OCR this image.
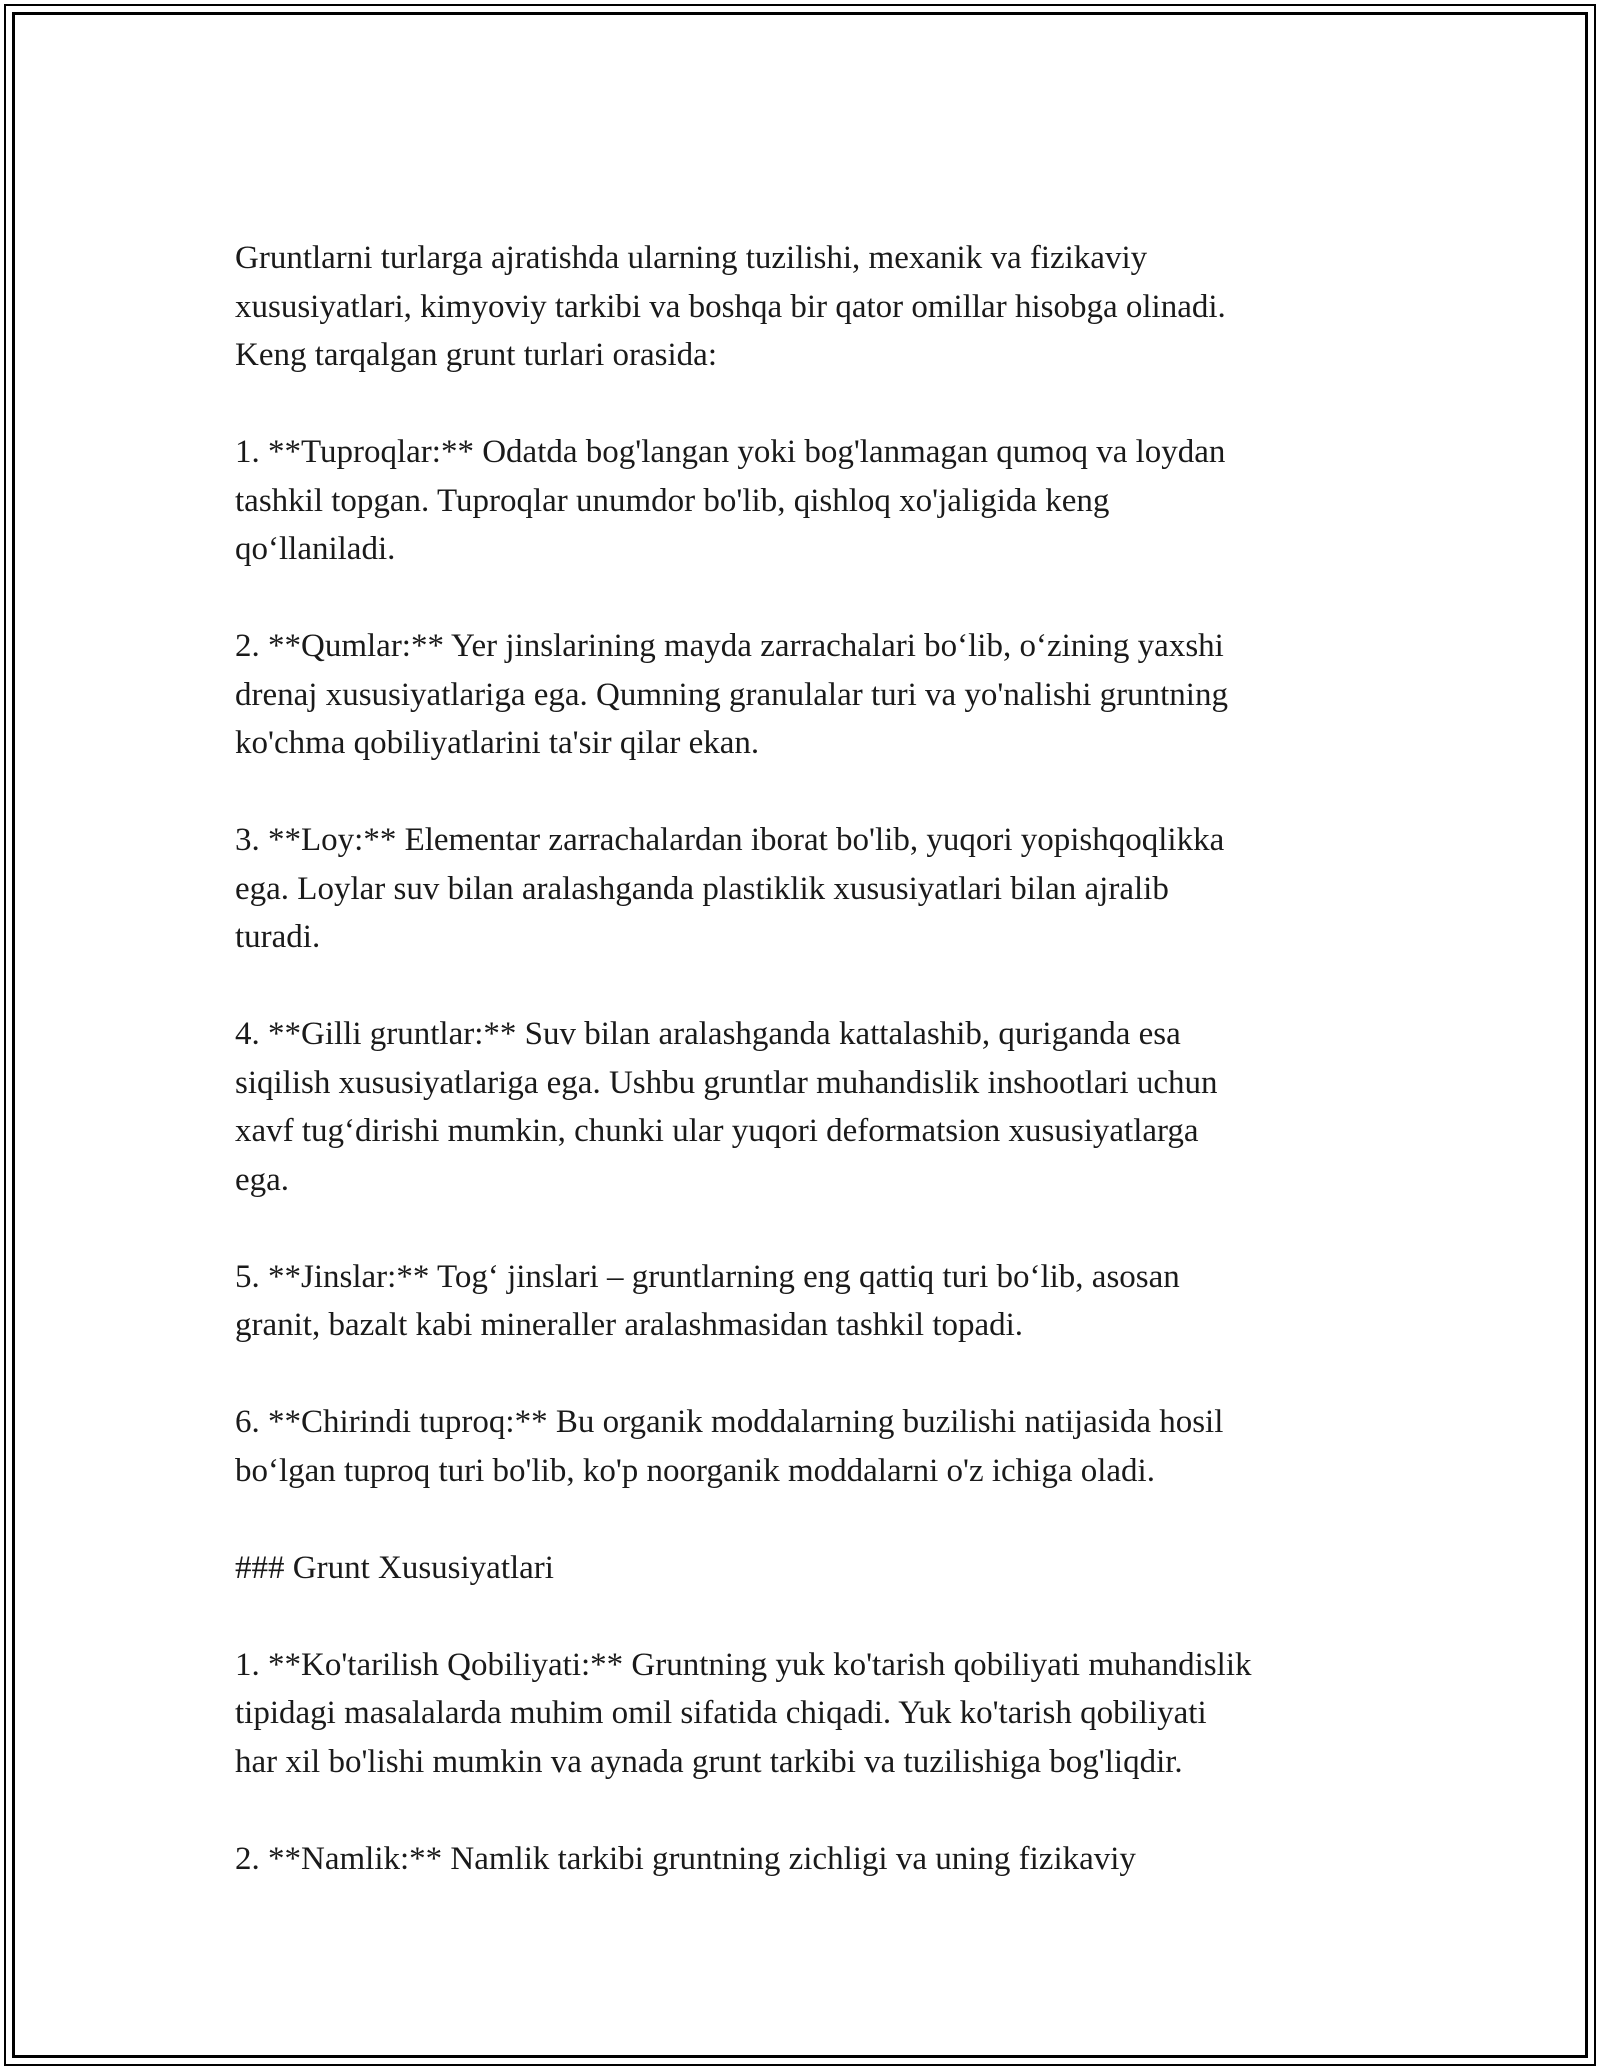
Gruntlarni turlarga ajratishda ularning tuzilishi, mexanik va fizikaviy
xususiyatlari, kimyoviy tarkibi va boshqa bir qator omillar hisobga olinadi.
Keng tarqalgan grunt turlari orasida:

1. **Tuproqlar:** Odatda bog'langan yoki bog'lanmagan qumoq va loydan
tashkil topgan. Tuproqlar unumdor bo'lib, qishloq xo'jaligida keng
qo‘llaniladi.

2. **Qumlar:** Yer jinslarining mayda zarrachalari bo‘lib, o‘zining yaxshi
drenaj xususiyatlariga ega. Qumning granulalar turi va yo'nalishi gruntning
ko'chma qobiliyatlarini ta'sir qilar ekan.

3. **Loy:** Elementar zarrachalardan iborat bo'lib, yuqori yopishqoqlikka
ega. Loylar suv bilan aralashganda plastiklik xususiyatlari bilan ajralib
turadi.

4. **Gilli gruntlar:** Suv bilan aralashganda kattalashib, quriganda esa
siqilish xususiyatlariga ega. Ushbu gruntlar muhandislik inshootlari uchun
xavf tug‘dirishi mumkin, chunki ular yuqori deformatsion xususiyatlarga
ega.

5. **Jinslar:** Tog‘ jinslari – gruntlarning eng qattiq turi bo‘lib, asosan
granit, bazalt kabi mineraller aralashmasidan tashkil topadi.

6. **Chirindi tuproq:** Bu organik moddalarning buzilishi natijasida hosil
bo‘lgan tuproq turi bo'lib, ko'p noorganik moddalarni o'z ichiga oladi.

### Grunt Xususiyatlari

1. **Ko'tarilish Qobiliyati:** Gruntning yuk ko'tarish qobiliyati muhandislik
tipidagi masalalarda muhim omil sifatida chiqadi. Yuk ko'tarish qobiliyati
har xil bo'lishi mumkin va aynada grunt tarkibi va tuzilishiga bog'liqdir.

2. **Namlik:** Namlik tarkibi gruntning zichligi va uning fizikaviy
